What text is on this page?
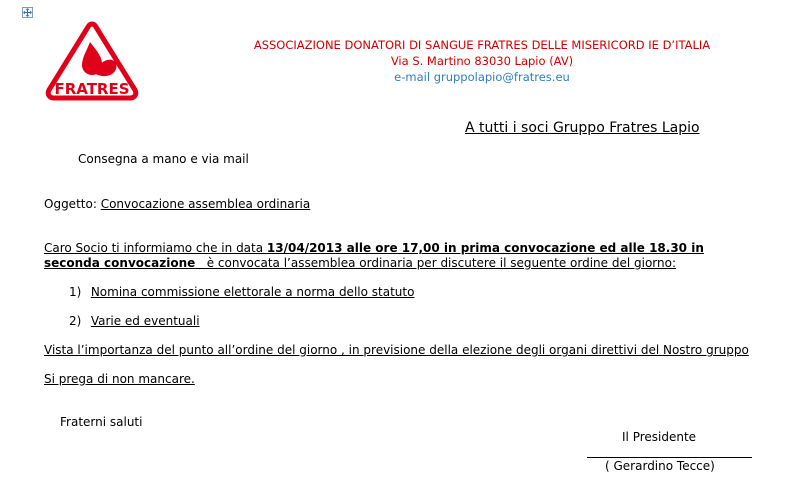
FRATRES
ASSOCIAZIONE DONATORI DI SANGUE FRATRES DELLE MISERICORD IE D’ITALIA
Via S. Martino 83030 Lapio (AV)
e-mail gruppolapio@fratres.eu
A tutti i soci Gruppo Fratres Lapio
Consegna a mano e via mail
Oggetto: Convocazione assemblea ordinaria
Caro Socio ti informiamo che in data 13/04/2013 alle ore 17,00 in prima convocazione ed alle 18.30 in
seconda convocazione   è convocata l’assemblea ordinaria per discutere il seguente ordine del giorno:
1) Nomina commissione elettorale a norma dello statuto
2) Varie ed eventuali
Vista l’importanza del punto all’ordine del giorno , in previsione della elezione degli organi direttivi del Nostro gruppo
Si prega di non mancare.
Fraterni saluti
Il Presidente
( Gerardino Tecce)
